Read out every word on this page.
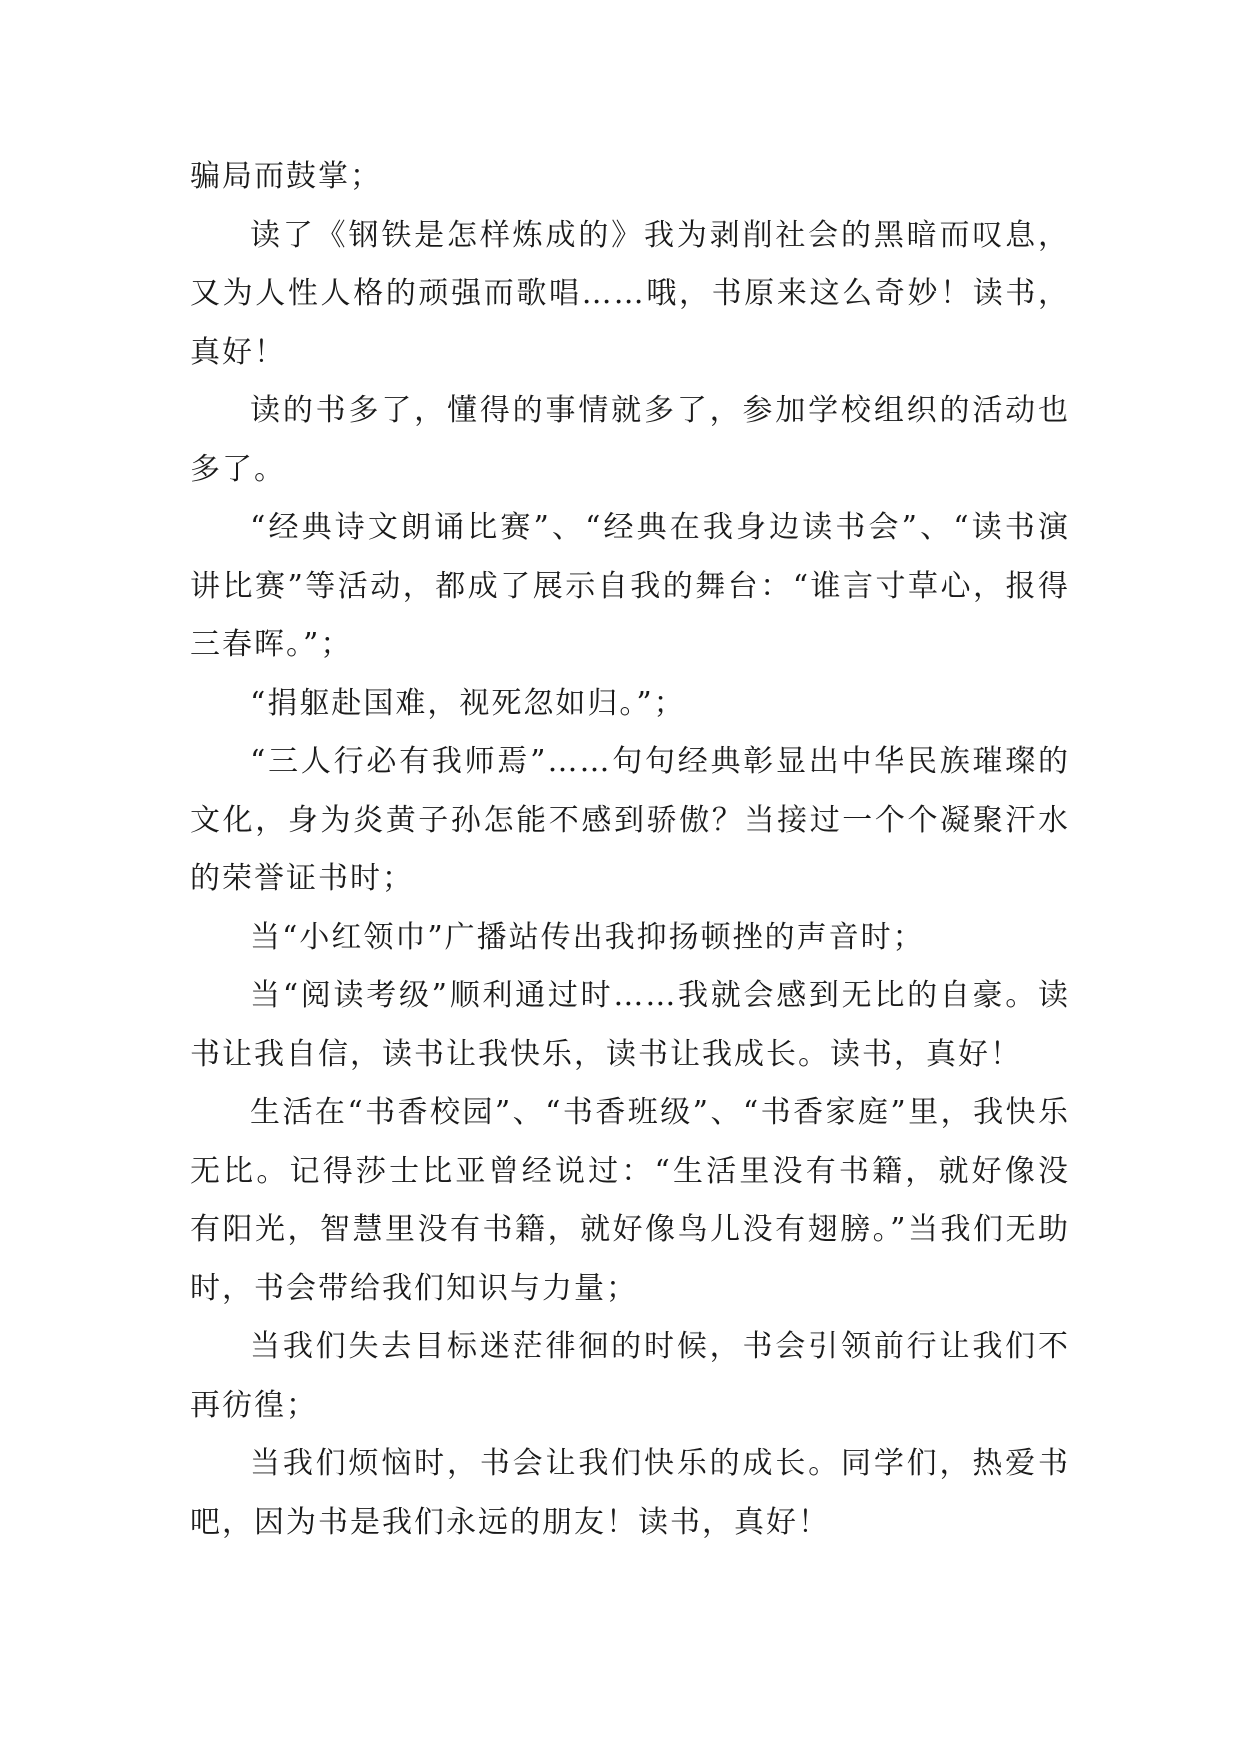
骗局而鼓掌；

读了《钢铁是怎样炼成的》我为剥削社会的黑暗而叹息，又为人性人格的顽强而歌唱……哦，书原来这么奇妙！读书，真好！

读的书多了，懂得的事情就多了，参加学校组织的活动也多了。

“经典诗文朗诵比赛”、“经典在我身边读书会”、“读书演讲比赛”等活动，都成了展示自我的舞台：“谁言寸草心，报得三春晖。”；

“捐躯赴国难，视死忽如归。”；

“三人行必有我师焉”……句句经典彰显出中华民族璀璨的文化，身为炎黄子孙怎能不感到骄傲？当接过一个个凝聚汗水的荣誉证书时；

当“小红领巾”广播站传出我抑扬顿挫的声音时；

当“阅读考级”顺利通过时……我就会感到无比的自豪。读书让我自信，读书让我快乐，读书让我成长。读书，真好！

生活在“书香校园”、“书香班级”、“书香家庭”里，我快乐无比。记得莎士比亚曾经说过：“生活里没有书籍，就好像没有阳光，智慧里没有书籍，就好像鸟儿没有翅膀。”当我们无助时，书会带给我们知识与力量；

当我们失去目标迷茫徘徊的时候，书会引领前行让我们不再彷徨；

当我们烦恼时，书会让我们快乐的成长。同学们，热爱书吧，因为书是我们永远的朋友！读书，真好！
